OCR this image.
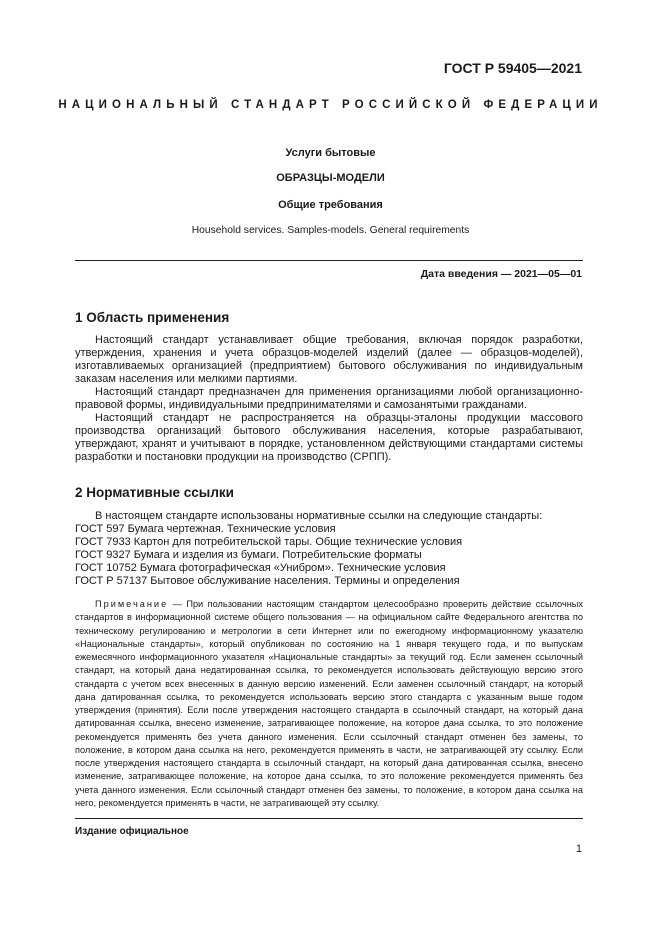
ГОСТ Р 59405—2021
НАЦИОНАЛЬНЫЙ СТАНДАРТ РОССИЙСКОЙ ФЕДЕРАЦИИ
Услуги бытовые
ОБРАЗЦЫ-МОДЕЛИ
Общие требования
Household services. Samples-models. General requirements
Дата введения — 2021—05—01
1 Область применения

Настоящий стандарт устанавливает общие требования, включая порядок разработки, утверждения, хранения и учета образцов-моделей изделий (далее — образцов-моделей), изготавливаемых организацией (предприятием) бытового обслуживания по индивидуальным заказам населения или мелкими партиями.

Настоящий стандарт предназначен для применения организациями любой организационно-правовой формы, индивидуальными предпринимателями и самозанятыми гражданами.

Настоящий стандарт не распространяется на образцы-эталоны продукции массового производства организаций бытового обслуживания населения, которые разрабатывают, утверждают, хранят и учитывают в порядке, установленном действующими стандартами системы разработки и постановки продукции на производство (СРПП).

2 Нормативные ссылки

В настоящем стандарте использованы нормативные ссылки на следующие стандарты:

ГОСТ 597 Бумага чертежная. Технические условия

ГОСТ 7933 Картон для потребительской тары. Общие технические условия

ГОСТ 9327 Бумага и изделия из бумаги. Потребительские форматы

ГОСТ 10752 Бумага фотографическая «Унибром». Технические условия

ГОСТ Р 57137 Бытовое обслуживание населения. Термины и определения

Примечание — При пользовании настоящим стандартом целесообразно проверить действие ссылочных стандартов в информационной системе общего пользования — на официальном сайте Федерального агентства по техническому регулированию и метрологии в сети Интернет или по ежегодному информационному указателю «Национальные стандарты», который опубликован по состоянию на 1 января текущего года, и по выпускам ежемесячного информационного указателя «Национальные стандарты» за текущий год. Если заменен ссылочный стандарт, на который дана недатированная ссылка, то рекомендуется использовать действующую версию этого стандарта с учетом всех внесенных в данную версию изменений. Если заменен ссылочный стандарт, на который дана датированная ссылка, то рекомендуется использовать версию этого стандарта с указанным выше годом утверждения (принятия). Если после утверждения настоящего стандарта в ссылочный стандарт, на который дана датированная ссылка, внесено изменение, затрагивающее положение, на которое дана ссылка, то это положение рекомендуется применять без учета данного изменения. Если ссылочный стандарт отменен без замены, то положение, в котором дана ссылка на него, рекомендуется применять в части, не затрагивающей эту ссылку. Если после утверждения настоящего стандарта в ссылочный стандарт, на который дана датированная ссылка, внесено изменение, затрагивающее положение, на которое дана ссылка, то это положение рекомендуется применять без учета данного изменения. Если ссылочный стандарт отменен без замены, то положение, в котором дана ссылка на него, рекомендуется применять в части, не затрагивающей эту ссылку.

Издание официальное
1
